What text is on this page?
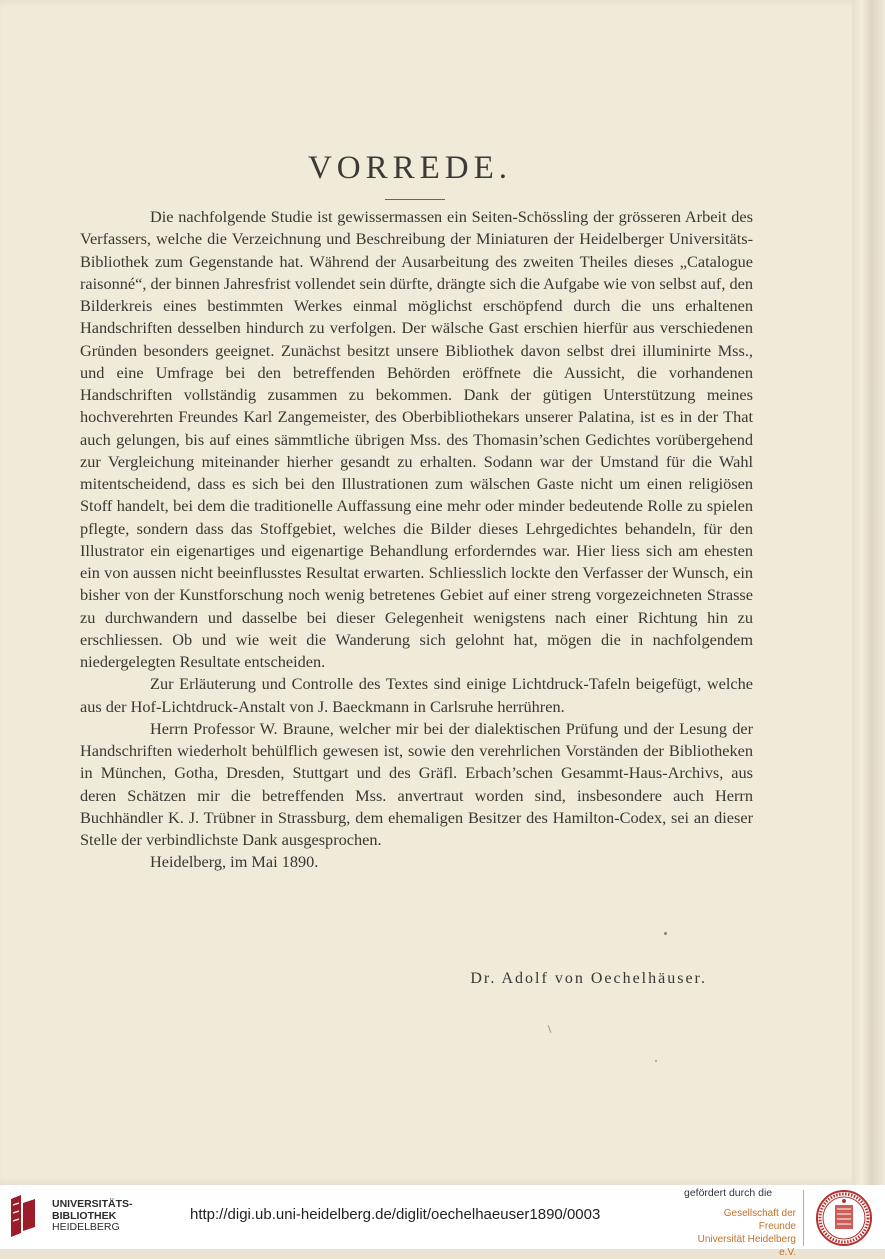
VORREDE.

Die nachfolgende Studie ist gewissermassen ein Seiten-Schössling der grösseren Arbeit des Verfassers, welche die Verzeichnung und Beschreibung der Miniaturen der Heidelberger Universitäts-Bibliothek zum Gegenstande hat. Während der Ausarbeitung des zweiten Theiles dieses „Catalogue raisonné“, der binnen Jahresfrist vollendet sein dürfte, drängte sich die Aufgabe wie von selbst auf, den Bilderkreis eines bestimmten Werkes einmal möglichst erschöpfend durch die uns erhaltenen Handschriften desselben hindurch zu verfolgen. Der wälsche Gast erschien hierfür aus verschiedenen Gründen besonders geeignet. Zunächst besitzt unsere Bibliothek davon selbst drei illuminirte Mss., und eine Umfrage bei den betreffenden Behörden eröffnete die Aussicht, die vorhandenen Handschriften vollständig zusammen zu bekommen. Dank der gütigen Unterstützung meines hochverehrten Freundes Karl Zangemeister, des Oberbibliothekars unserer Palatina, ist es in der That auch gelungen, bis auf eines sämmtliche übrigen Mss. des Thomasin’schen Gedichtes vorübergehend zur Vergleichung miteinander hierher gesandt zu erhalten. Sodann war der Umstand für die Wahl mitentscheidend, dass es sich bei den Illustrationen zum wälschen Gaste nicht um einen religiösen Stoff handelt, bei dem die traditionelle Auffassung eine mehr oder minder bedeutende Rolle zu spielen pflegte, sondern dass das Stoffgebiet, welches die Bilder dieses Lehrgedichtes behandeln, für den Illustrator ein eigenartiges und eigenartige Behandlung erforderndes war. Hier liess sich am ehesten ein von aussen nicht beeinflusstes Resultat erwarten. Schliesslich lockte den Verfasser der Wunsch, ein bisher von der Kunstforschung noch wenig betretenes Gebiet auf einer streng vorgezeichneten Strasse zu durchwandern und dasselbe bei dieser Gelegenheit wenigstens nach einer Richtung hin zu erschliessen. Ob und wie weit die Wanderung sich gelohnt hat, mögen die in nachfolgendem niedergelegten Resultate entscheiden.

Zur Erläuterung und Controlle des Textes sind einige Lichtdruck-Tafeln beigefügt, welche aus der Hof-Lichtdruck-Anstalt von J. Baeckmann in Carlsruhe herrühren.

Herrn Professor W. Braune, welcher mir bei der dialektischen Prüfung und der Lesung der Handschriften wiederholt behülflich gewesen ist, sowie den verehrlichen Vorständen der Bibliotheken in München, Gotha, Dresden, Stuttgart und des Gräfl. Erbach’schen Gesammt-Haus-Archivs, aus deren Schätzen mir die betreffenden Mss. anvertraut worden sind, insbesondere auch Herrn Buchhändler K. J. Trübner in Strassburg, dem ehemaligen Besitzer des Hamilton-Codex, sei an dieser Stelle der verbindlichste Dank ausgesprochen.

Heidelberg, im Mai 1890.

Dr. Adolf von Oechelhäuser.
UNIVERSITÄTS-
BIBLIOTHEK
HEIDELBERG
http://digi.ub.uni-heidelberg.de/diglit/oechelhaeuser1890/0003
gefördert durch die
Gesellschaft der Freunde
Universität Heidelberg e.V.
